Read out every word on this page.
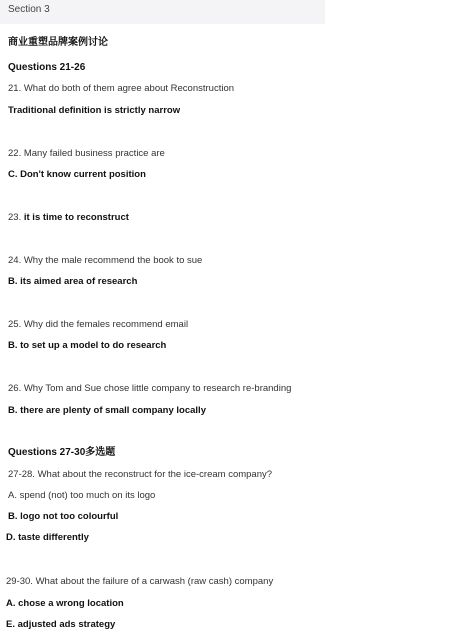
Section 3
商业重塑品牌案例讨论
Questions 21-26
21. What do both of them agree about Reconstruction
Traditional definition is strictly narrow
22. Many failed business practice are
C. Don't know current position
23. it is time to reconstruct
24. Why the male recommend the book to sue
B. its aimed area of research
25. Why did the females recommend email
B. to set up a model to do research
26. Why Tom and Sue chose little company to research re-branding
B. there are plenty of small company locally
Questions 27-30多选题
27-28. What about the reconstruct for the ice-cream company?
A. spend (not) too much on its logo
B. logo not too colourful
D. taste differently
29-30. What about the failure of a carwash (raw cash) company
A. chose a wrong location
E. adjusted ads strategy
